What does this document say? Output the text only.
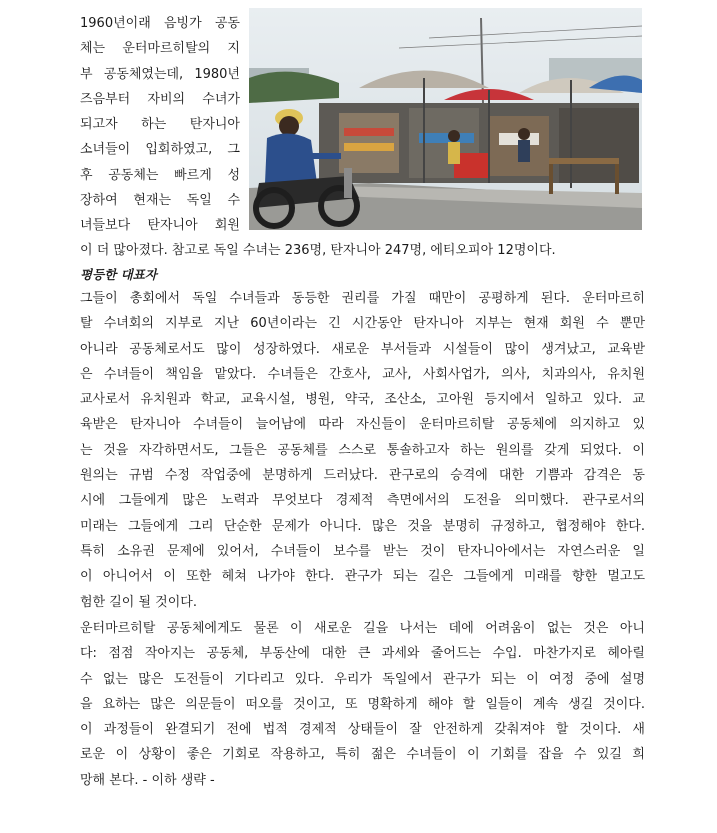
1960년이래 음빙가 공동
체는 운터마르히탈의 지
부 공동체였는데, 1980년
즈음부터 자비의 수녀가
되고자 하는 탄자니아
소녀들이 입회하였고, 그
후 공동체는 빠르게 성
장하여 현재는 독일 수
녀들보다 탄자니아 회원
이 더 많아졌다. 참고로 독일 수녀는 236명, 탄자니아 247명, 에티오피아 12명이다.
평등한 대표자
그들이 총회에서 독일 수녀들과 동등한 권리를 가질 때만이 공평하게 된다. 운터마르히
탈 수녀회의 지부로 지난 60년이라는 긴 시간동안 탄자니아 지부는 현재 회원 수 뿐만
아니라 공동체로서도 많이 성장하였다. 새로운 부서들과 시설들이 많이 생겨났고, 교육받
은 수녀들이 책임을 맡았다. 수녀들은 간호사, 교사, 사회사업가, 의사, 치과의사, 유치원
교사로서 유치원과 학교, 교육시설, 병원, 약국, 조산소, 고아원 등지에서 일하고 있다. 교
육받은 탄자니아 수녀들이 늘어남에 따라 자신들이 운터마르히탈 공동체에 의지하고 있
는 것을 자각하면서도, 그들은 공동체를 스스로 통솔하고자 하는 원의를 갖게 되었다. 이
원의는 규범 수정 작업중에 분명하게 드러났다. 관구로의 승격에 대한 기쁨과 감격은 동
시에 그들에게 많은 노력과 무엇보다 경제적 측면에서의 도전을 의미했다. 관구로서의
미래는 그들에게 그리 단순한 문제가 아니다. 많은 것을 분명히 규정하고, 협정해야 한다.
특히 소유권 문제에 있어서, 수녀들이 보수를 받는 것이 탄자니아에서는 자연스러운 일
이 아니어서 이 또한 헤쳐 나가야 한다. 관구가 되는 길은 그들에게 미래를 향한 멀고도
험한 길이 될 것이다.
운터마르히탈 공동체에게도 물론 이 새로운 길을 나서는 데에 어려움이 없는 것은 아니
다: 점점 작아지는 공동체, 부동산에 대한 큰 과세와 줄어드는 수입. 마찬가지로 헤아릴
수 없는 많은 도전들이 기다리고 있다. 우리가 독일에서 관구가 되는 이 여정 중에 설명
을 요하는 많은 의문들이 떠오를 것이고, 또 명확하게 해야 할 일들이 계속 생길 것이다.
이 과정들이 완결되기 전에 법적 경제적 상태들이 잘 안전하게 갖춰져야 할 것이다. 새
로운 이 상황이 좋은 기회로 작용하고, 특히 젊은 수녀들이 이 기회를 잡을 수 있길 희
망해 본다. - 이하 생략 -
